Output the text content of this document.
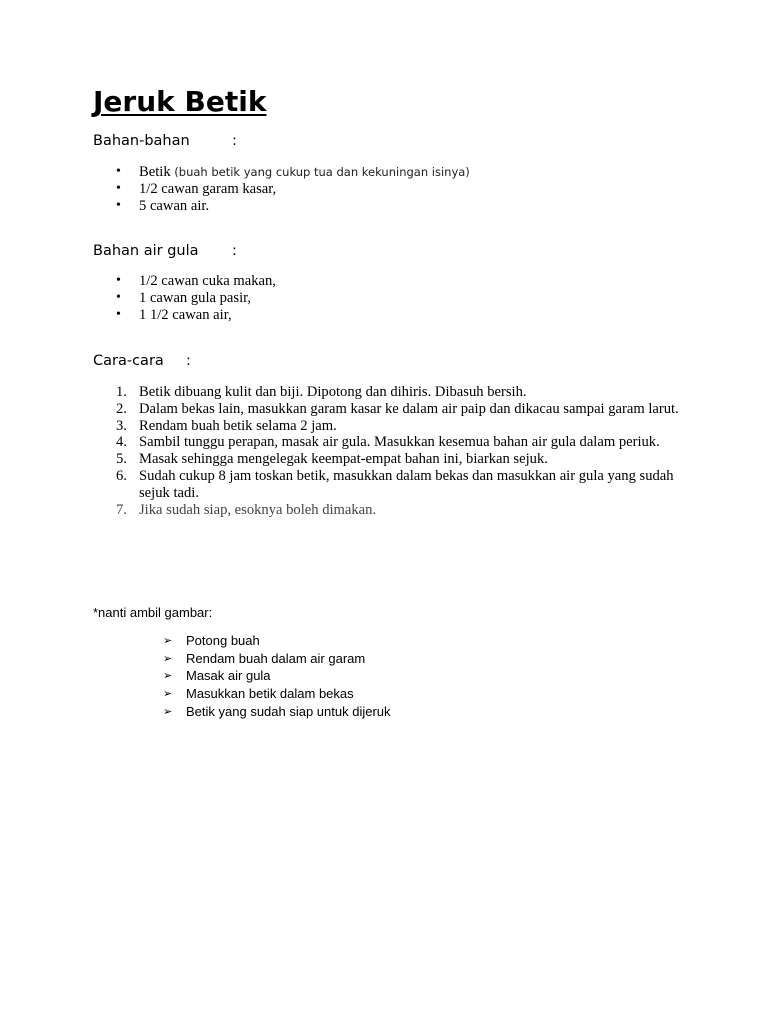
Jeruk Betik

Bahan-bahan	:

• Betik (buah betik yang cukup tua dan kekuningan isinya)
• 1/2 cawan garam kasar,
• 5 cawan air.

Bahan air gula :

• 1/2 cawan cuka makan,
• 1 cawan gula pasir,
• 1 1/2 cawan air,

Cara-cara :

1. Betik dibuang kulit dan biji. Dipotong dan dihiris. Dibasuh bersih.
2. Dalam bekas lain, masukkan garam kasar ke dalam air paip dan dikacau sampai garam larut.
3. Rendam buah betik selama 2 jam.
4. Sambil tunggu perapan, masak air gula. Masukkan kesemua bahan air gula dalam periuk.
5. Masak sehingga mengelegak keempat-empat bahan ini, biarkan sejuk.
6. Sudah cukup 8 jam toskan betik, masukkan dalam bekas dan masukkan air gula yang sudah sejuk tadi.
7. Jika sudah siap, esoknya boleh dimakan.

*nanti ambil gambar:

➢ Potong buah
➢ Rendam buah dalam air garam
➢ Masak air gula
➢ Masukkan betik dalam bekas
➢ Betik yang sudah siap untuk dijeruk
